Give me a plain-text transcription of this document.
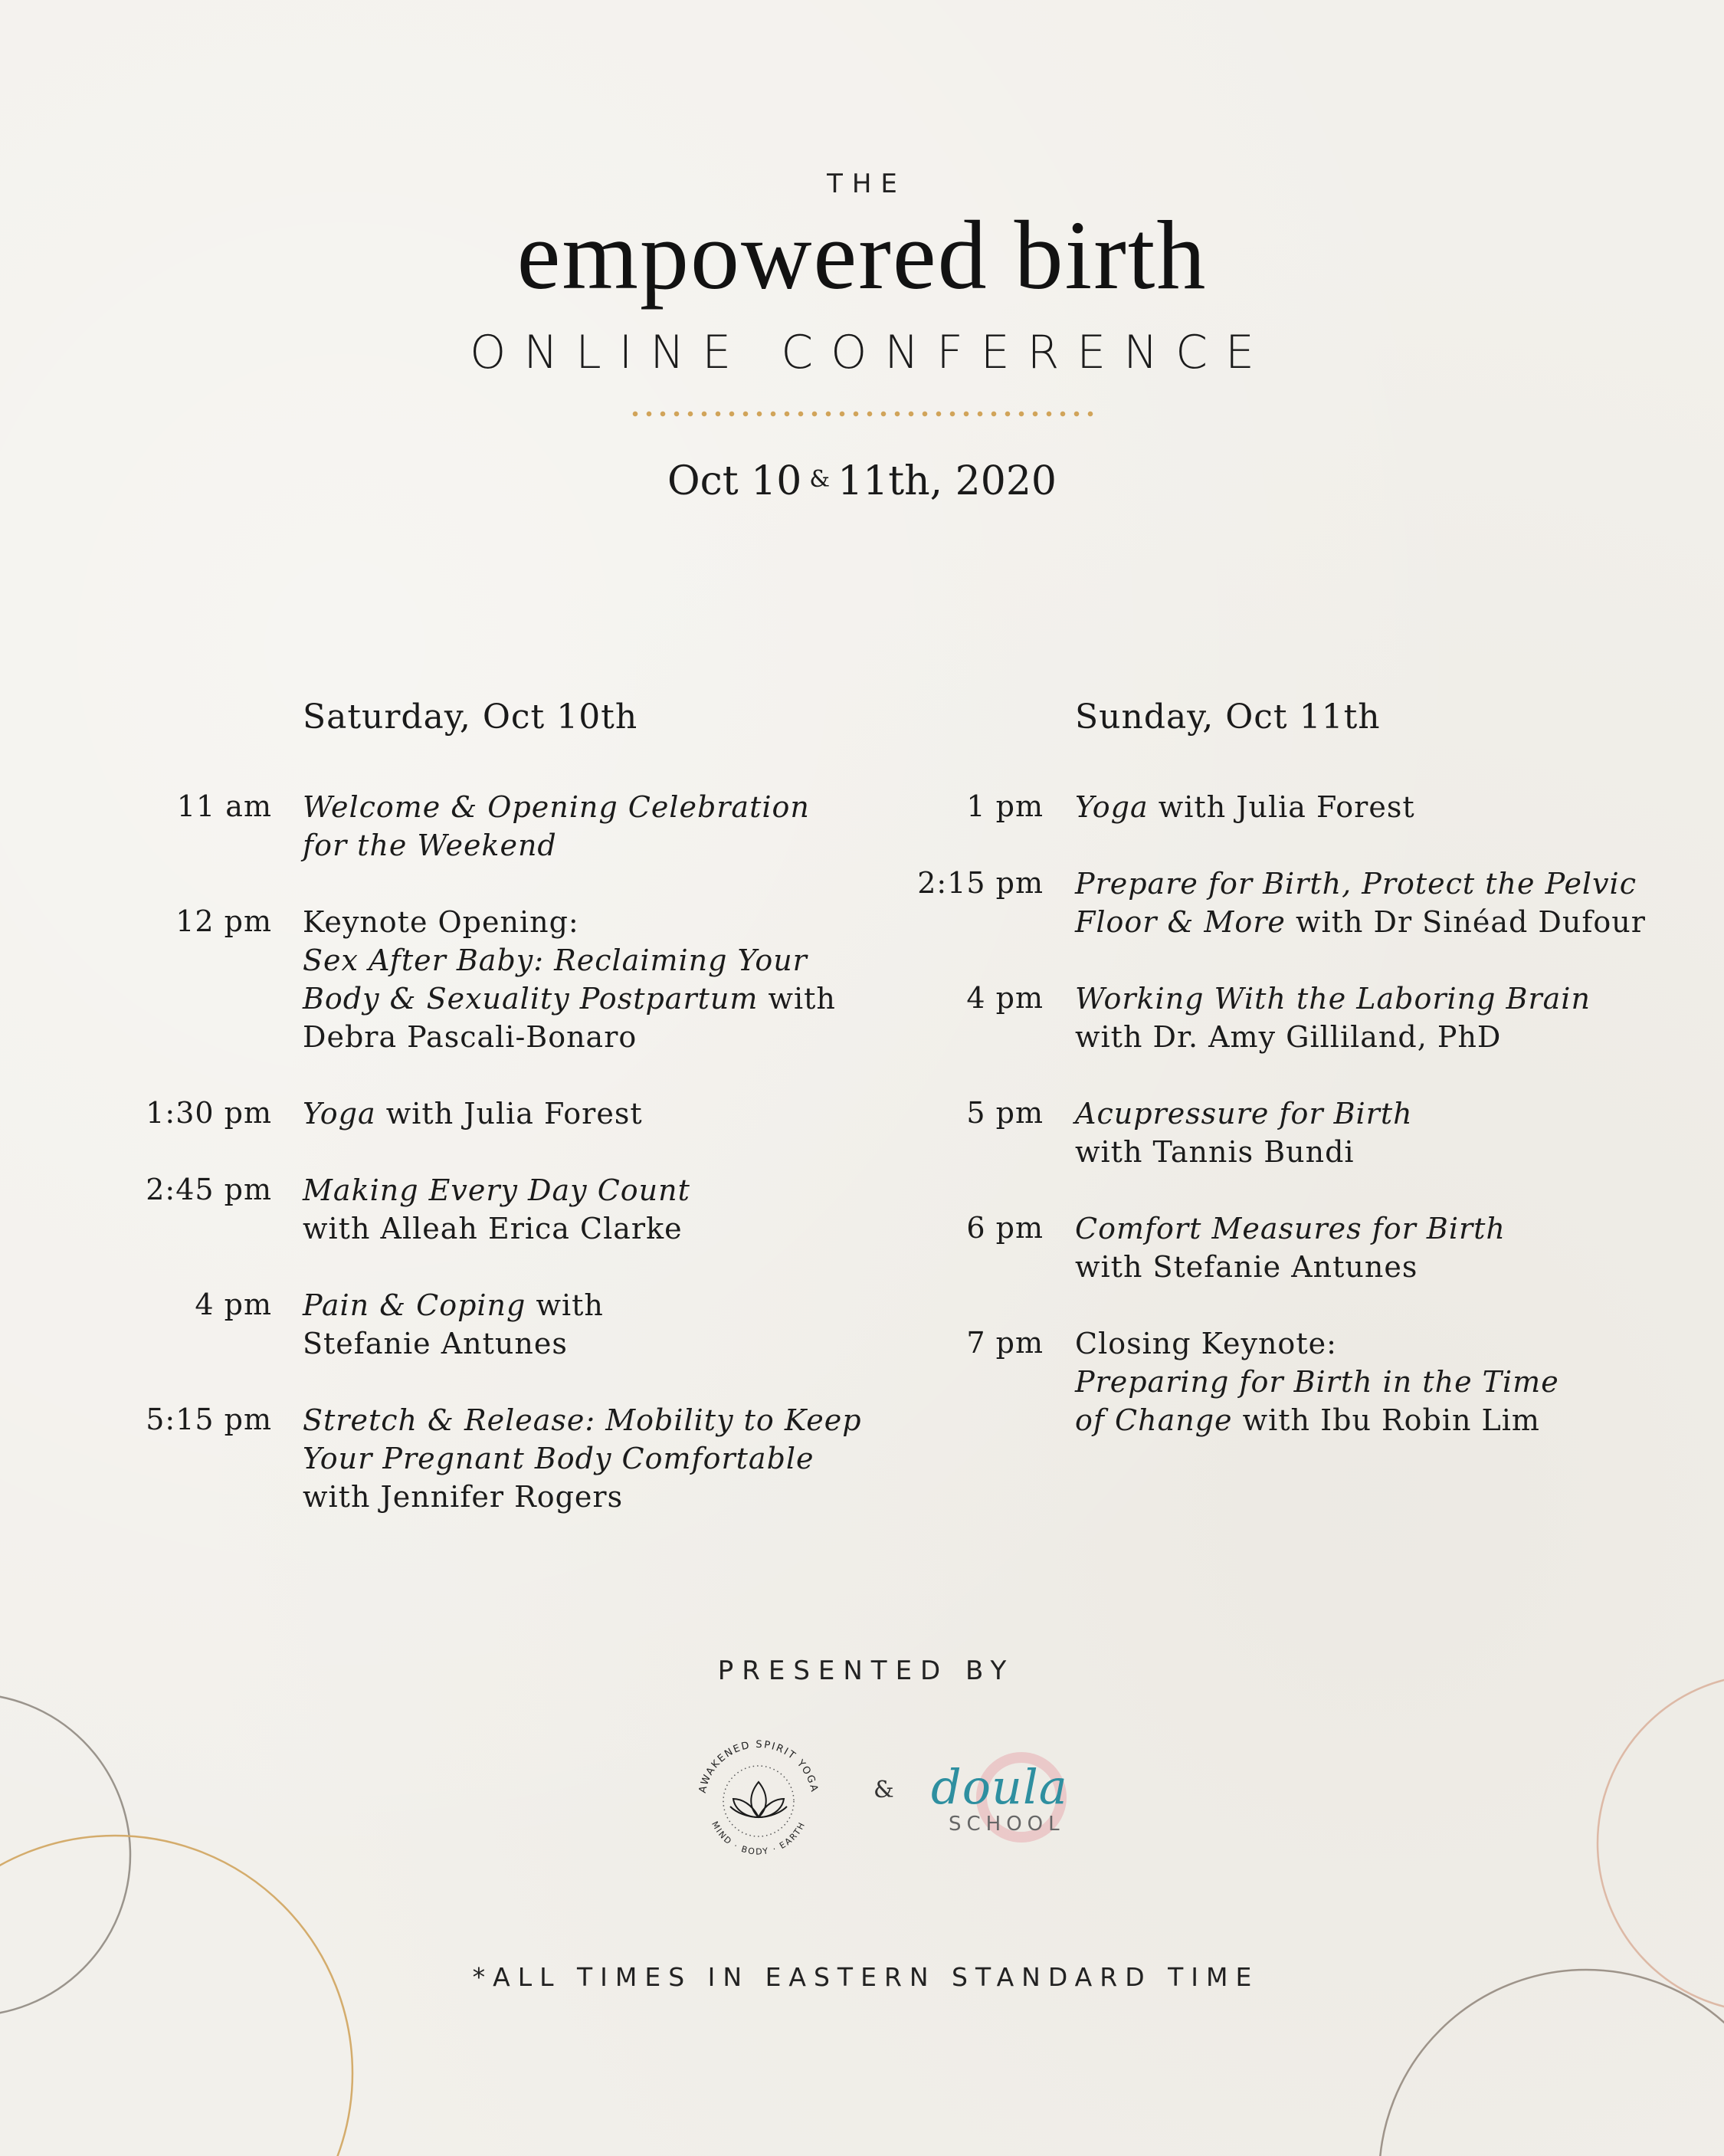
THE
empowered birth
ONLINE CONFERENCE
Oct 10 & 11th, 2020
Saturday, Oct 10th
11 am Welcome & Opening Celebration
for the Weekend
12 pm Keynote Opening:
Sex After Baby: Reclaiming Your
Body & Sexuality Postpartum with
Debra Pascali-Bonaro
1:30 pm Yoga with Julia Forest
2:45 pm Making Every Day Count
with Alleah Erica Clarke
4 pm Pain & Coping with
Stefanie Antunes
5:15 pm Stretch & Release: Mobility to Keep
Your Pregnant Body Comfortable
with Jennifer Rogers
Sunday, Oct 11th
1 pm Yoga with Julia Forest
2:15 pm Prepare for Birth, Protect the Pelvic
Floor & More with Dr Sinéad Dufour
4 pm Working With the Laboring Brain
with Dr. Amy Gilliland, PhD
5 pm Acupressure for Birth
with Tannis Bundi
6 pm Comfort Measures for Birth
with Stefanie Antunes
7 pm Closing Keynote:
Preparing for Birth in the Time
of Change with Ibu Robin Lim
PRESENTED BY
AWAKENED SPIRIT YOGA
MIND · BODY · EARTH
& doula
SCHOOL
*ALL TIMES IN EASTERN STANDARD TIME
